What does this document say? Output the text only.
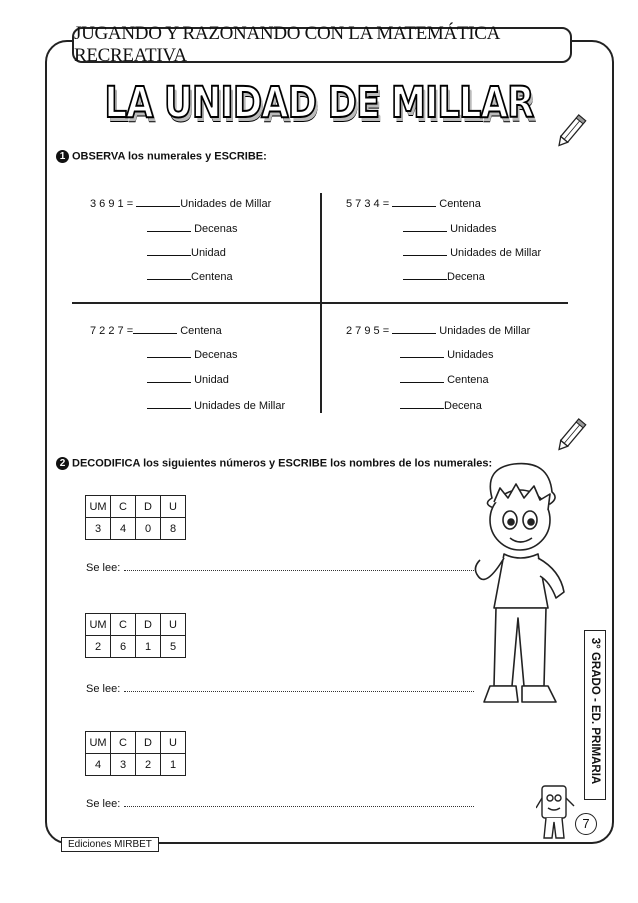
JUGANDO Y RAZONANDO CON LA MATEMÁTICA RECREATIVA
LA UNIDAD DE MILLAR
1 OBSERVA los numerales y ESCRIBE:
3 6 9 1 =	Unidades de Millar
Decenas
Unidad
Centena
5 7 3 4 =	Centena
Unidades
Unidades de Millar
Decena
7 2 2 7 =	Centena
Decenas
Unidad
Unidades de Millar
2 7 9 5 =	Unidades de Millar
Unidades
Centena
Decena
2 DECODIFICA los siguientes números y ESCRIBE los nombres de los numerales:
UM	C	D	U
3	4	0	8
Se lee:
UM	C	D	U
2	6	1	5
Se lee:
UM	C	D	U
4	3	2	1
Se lee:
3° GRADO - ED. PRIMARIA
7
Ediciones MIRBET
